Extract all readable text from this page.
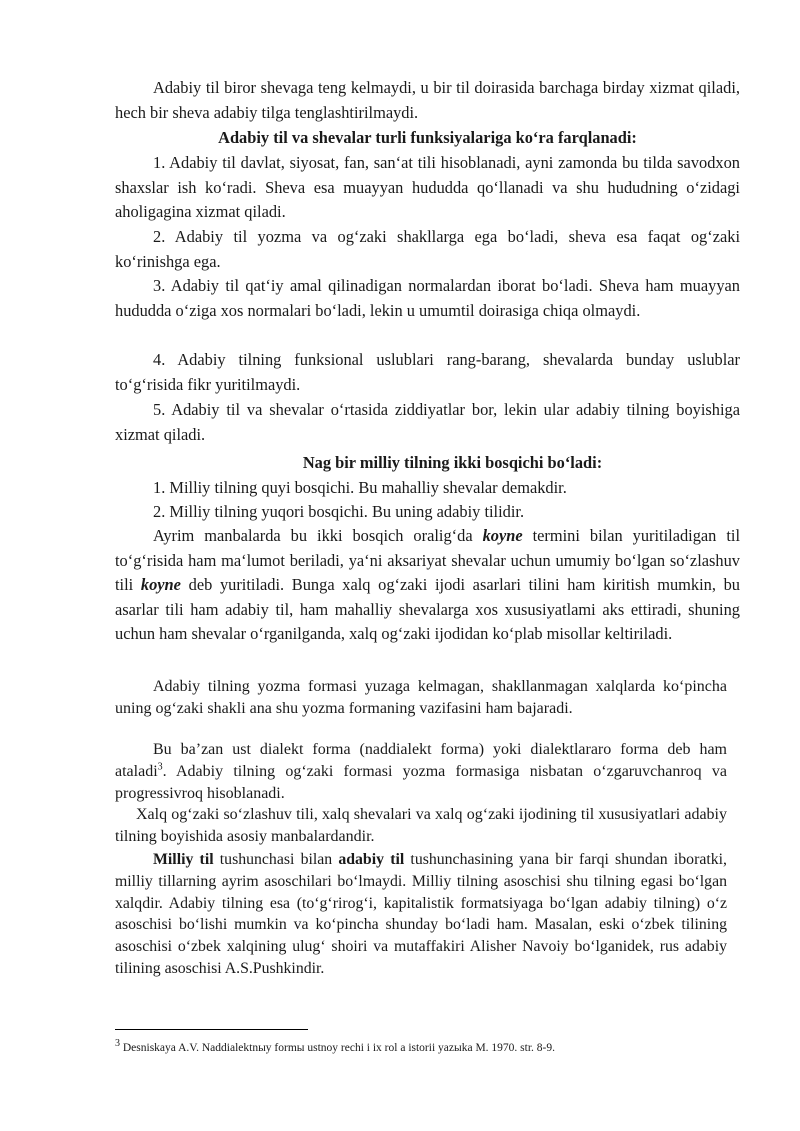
Adabiy til biror shevaga teng kelmaydi, u bir til doirasida barchaga birday xizmat qiladi, hech bir sheva adabiy tilga tenglashtirilmaydi.

Adabiy til va shevalar turli funksiyalariga ko‘ra farqlanadi:

1. Adabiy til davlat, siyosat, fan, san‘at tili hisoblanadi, ayni zamonda bu tilda savodxon shaxslar ish ko‘radi. Sheva esa muayyan hududda qo‘llanadi va shu hududning o‘zidagi aholigagina xizmat qiladi.

2. Adabiy til yozma va og‘zaki shakllarga ega bo‘ladi, sheva esa faqat og‘zaki ko‘rinishga ega.

3. Adabiy til qat‘iy amal qilinadigan normalardan iborat bo‘ladi. Sheva ham muayyan hududda o‘ziga xos normalari bo‘ladi, lekin u umumtil doirasiga chiqa olmaydi.

4. Adabiy tilning funksional uslublari rang-barang, shevalarda bunday uslublar to‘g‘risida fikr yuritilmaydi.

5. Adabiy til va shevalar o‘rtasida ziddiyatlar bor, lekin ular adabiy tilning boyishiga xizmat qiladi.

Nag bir milliy tilning ikki bosqichi bo‘ladi:

1. Milliy tilning quyi bosqichi. Bu mahalliy shevalar demakdir.

2. Milliy tilning yuqori bosqichi. Bu uning adabiy tilidir.

Ayrim manbalarda bu ikki bosqich oralig‘da koyne termini bilan yuritiladigan til to‘g‘risida ham ma‘lumot beriladi, ya‘ni aksariyat shevalar uchun umumiy bo‘lgan so‘zlashuv tili koyne deb yuritiladi. Bunga xalq og‘zaki ijodi asarlari tilini ham kiritish mumkin, bu asarlar tili ham adabiy til, ham mahalliy shevalarga xos xususiyatlami aks ettiradi, shuning uchun ham shevalar o‘rganilganda, xalq og‘zaki ijodidan ko‘plab misollar keltiriladi.

Adabiy tilning yozma formasi yuzaga kelmagan, shakllanmagan xalqlarda ko‘pincha uning og‘zaki shakli ana shu yozma formaning vazifasini ham bajaradi.

Bu ba’zan ust dialekt forma (naddialekt forma) yoki dialektlararo forma deb ham ataladi$^3$. Adabiy tilning og‘zaki formasi yozma formasiga nisbatan o‘zgaruvchanroq va progressivroq hisoblanadi.

Xalq og‘zaki so‘zlashuv tili, xalq shevalari va xalq og‘zaki ijodining til xususiyatlari adabiy tilning boyishida asosiy manbalardandir.

Milliy til tushunchasi bilan adabiy til tushunchasining yana bir farqi shundan iboratki, milliy tillarning ayrim asoschilari bo‘lmaydi. Milliy tilning asoschisi shu tilning egasi bo‘lgan xalqdir. Adabiy tilning esa (to‘g‘rirog‘i, kapitalistik formatsiyaga bo‘lgan adabiy tilning) o‘z asoschisi bo‘lishi mumkin va ko‘pincha shunday bo‘ladi ham. Masalan, eski o‘zbek tilining asoschisi o‘zbek xalqining ulug‘ shoiri va mutaffakiri Alisher Navoiy bo‘lganidek, rus adabiy tilining asoschisi A.S.Pushkindir.

$^3$ Desniskaya A.V. Naddialektnыy formы ustnoy rechi i ix rol a istorii yazыka M. 1970. str. 8-9.
